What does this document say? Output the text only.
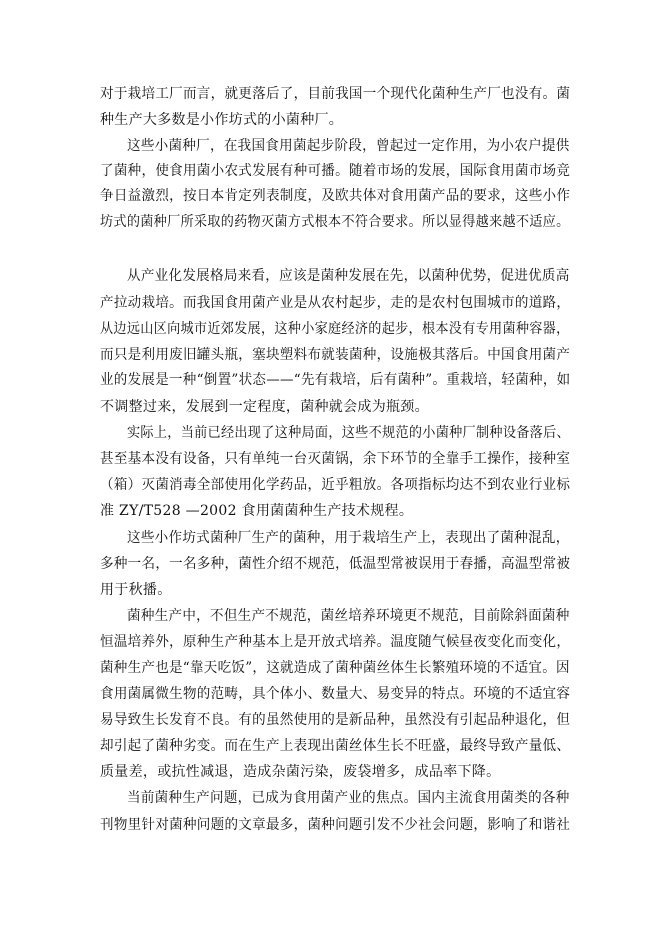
对于栽培工厂而言，就更落后了，目前我国一个现代化菌种生产厂也没有。菌
种生产大多数是小作坊式的小菌种厂。
这些小菌种厂，在我国食用菌起步阶段，曾起过一定作用，为小农户提供
了菌种，使食用菌小农式发展有种可播。随着市场的发展，国际食用菌市场竞
争日益激烈，按日本肯定列表制度，及欧共体对食用菌产品的要求，这些小作
坊式的菌种厂所采取的药物灭菌方式根本不符合要求。所以显得越来越不适应。
从产业化发展格局来看，应该是菌种发展在先，以菌种优势，促进优质高
产拉动栽培。而我国食用菌产业是从农村起步，走的是农村包围城市的道路，
从边远山区向城市近郊发展，这种小家庭经济的起步，根本没有专用菌种容器，
而只是利用废旧罐头瓶，塞块塑料布就装菌种，设施极其落后。中国食用菌产
业的发展是一种“倒置”状态——“先有栽培，后有菌种”。重栽培，轻菌种，如
不调整过来，发展到一定程度，菌种就会成为瓶颈。
实际上，当前已经出现了这种局面，这些不规范的小菌种厂制种设备落后、
甚至基本没有设备，只有单纯一台灭菌锅，余下环节的全靠手工操作，接种室
（箱）灭菌消毒全部使用化学药品，近乎粗放。各项指标均达不到农业行业标
准 ZY/T528 —2002 食用菌菌种生产技术规程。
这些小作坊式菌种厂生产的菌种，用于栽培生产上，表现出了菌种混乱，
多种一名，一名多种，菌性介绍不规范，低温型常被误用于春播，高温型常被
用于秋播。
菌种生产中，不但生产不规范，菌丝培养环境更不规范，目前除斜面菌种
恒温培养外，原种生产种基本上是开放式培养。温度随气候昼夜变化而变化，
菌种生产也是“靠天吃饭”，这就造成了菌种菌丝体生长繁殖环境的不适宜。因
食用菌属微生物的范畴，具个体小、数量大、易变异的特点。环境的不适宜容
易导致生长发育不良。有的虽然使用的是新品种，虽然没有引起品种退化，但
却引起了菌种劣变。而在生产上表现出菌丝体生长不旺盛，最终导致产量低、
质量差，或抗性减退，造成杂菌污染，废袋增多，成品率下降。
当前菌种生产问题，已成为食用菌产业的焦点。国内主流食用菌类的各种
刊物里针对菌种问题的文章最多，菌种问题引发不少社会问题，影响了和谐社
